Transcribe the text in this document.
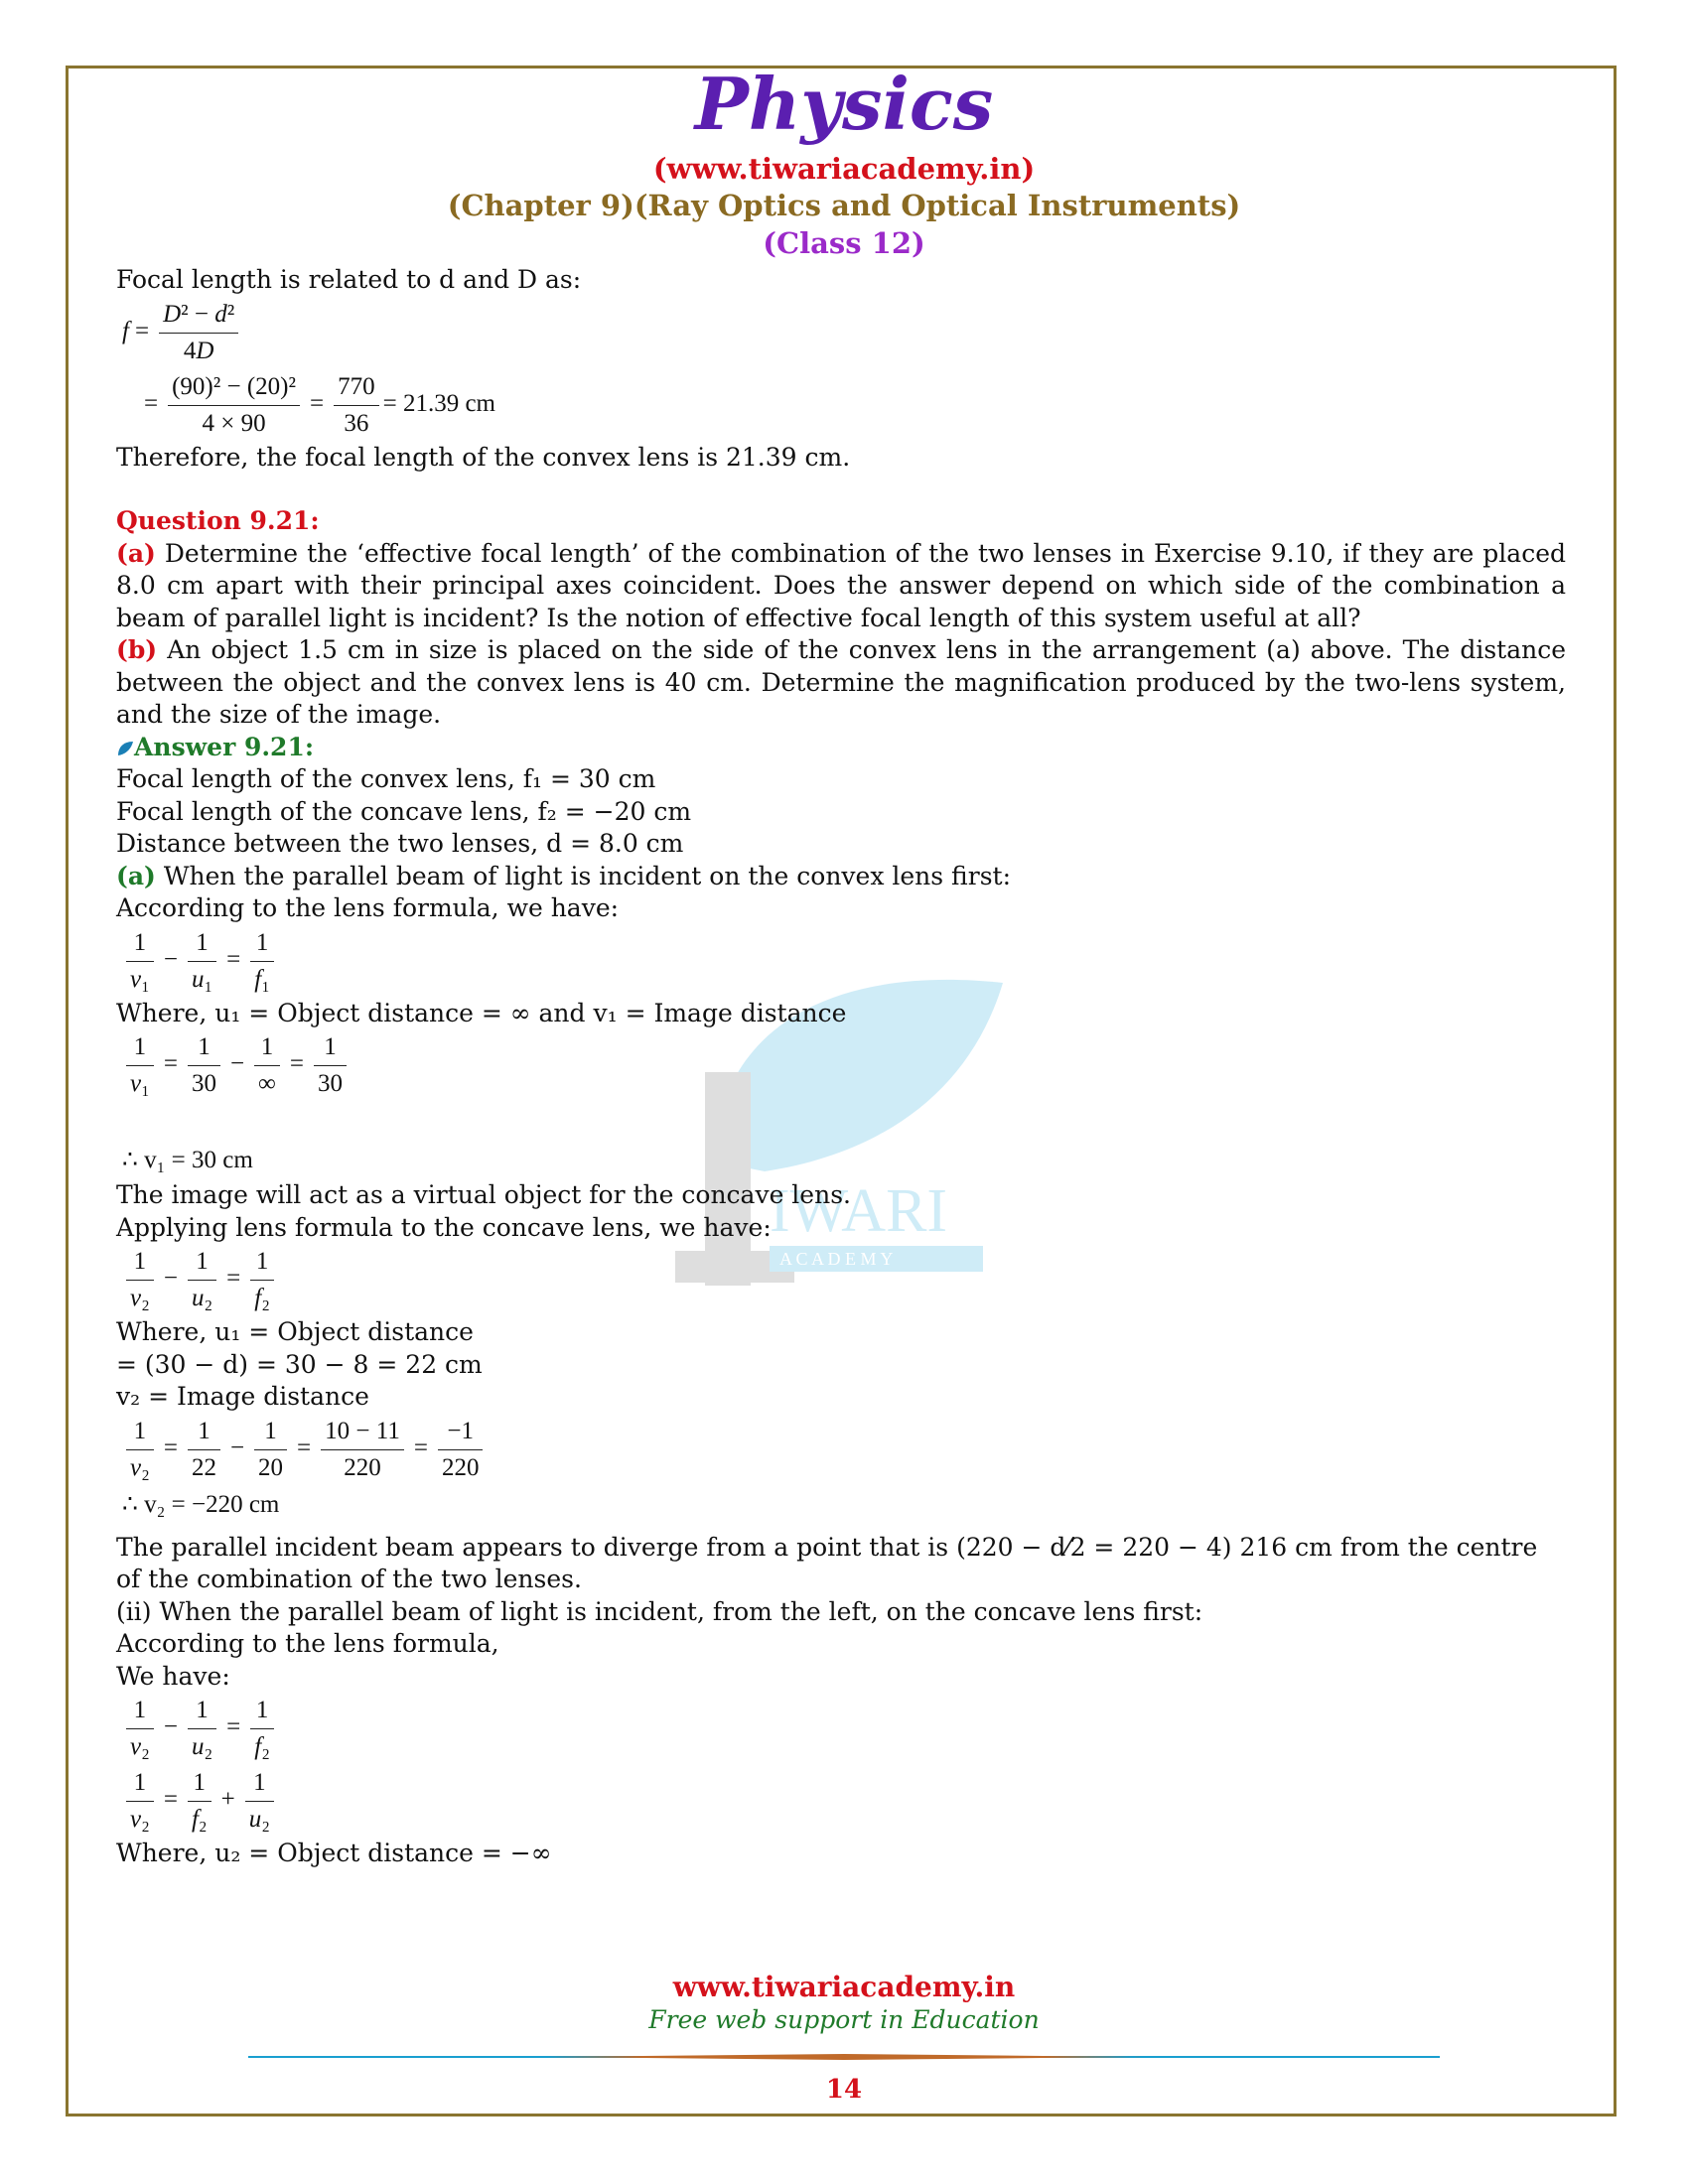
Physics
(www.tiwariacademy.in)
(Chapter 9)(Ray Optics and Optical Instruments)
(Class 12)
IWARI
A C A D E M Y

Focal length is related to d and D as:

$f = \frac{\text{D² − d²}}{4D}$
= $\frac{\text{(90)² − (20)²}}{4 \times 90} = \frac{770}{36} = 21.39$ cm

Therefore, the focal length of the convex lens is 21.39 cm.

Question 9.21:

(a) Determine the ‘effective focal length’ of the combination of the two lenses in Exercise 9.10, if they are placed 8.0 cm apart with their principal axes coincident. Does the answer depend on which side of the combination a beam of parallel light is incident? Is the notion of effective focal length of this system useful at all?

(b) An object 1.5 cm in size is placed on the side of the convex lens in the arrangement (a) above. The distance between the object and the convex lens is 40 cm. Determine the magnification produced by the two-lens system, and the size of the image.

Answer 9.21:

Focal length of the convex lens, f₁ = 30 cm

Focal length of the concave lens, f₂ = −20 cm

Distance between the two lenses, d = 8.0 cm

(a) When the parallel beam of light is incident on the convex lens first:

According to the lens formula, we have:

$\frac{1}{\text{v₁}} - \frac{1}{\text{u₁}} = \frac{1}{\text{f₁}}$

Where, u₁ = Object distance = ∞ and v₁ = Image distance

$\frac{1}{\text{v₁}} = \frac{1}{30}$ −
1
∞
= $\frac{1}{30}$
∴ v₁ = 30 cm

The image will act as a virtual object for the concave lens.

Applying lens formula to the concave lens, we have:

$\frac{1}{\text{v₂}} - \frac{1}{\text{u₂}} = \frac{1}{\text{f₂}}$

Where, u₁ = Object distance

= (30 − d) = 30 − 8 = 22 cm

v₂ = Image distance

$\frac{1}{\text{v₂}} = \frac{1}{22} - \frac{1}{20} = \frac{10 - 11}{220} = \frac{-1}{220}$
∴ v₂ = −220 cm

The parallel incident beam appears to diverge from a point that is (220 − d⁄2 = 220 − 4) 216 cm from the centre of the combination of the two lenses.

(ii) When the parallel beam of light is incident, from the left, on the concave lens first:

According to the lens formula,

We have:

$\frac{1}{\text{v₂}} - \frac{1}{\text{u₂}} = \frac{1}{\text{f₂}}$
$\frac{1}{\text{v₂}} = \frac{1}{\text{f₂}} + \frac{1}{\text{u₂}}$

Where, u₂ = Object distance = −∞

www.tiwariacademy.in
Free web support in Education
14
